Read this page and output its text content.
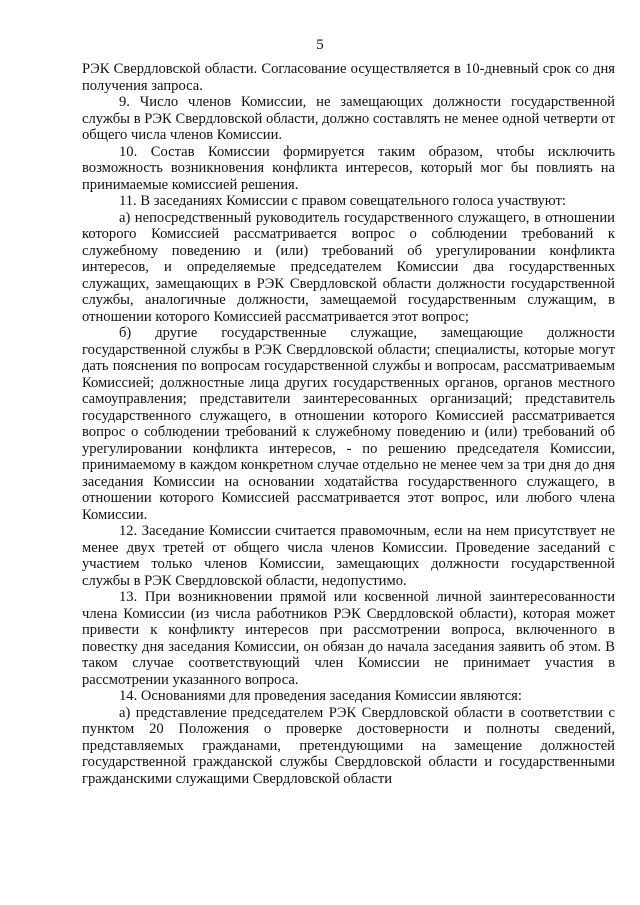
5

РЭК Свердловской области. Согласование осуществляется в 10-дневный срок со дня получения запроса.

9. Число членов Комиссии, не замещающих должности государственной службы в РЭК Свердловской области, должно составлять не менее одной четверти от общего числа членов Комиссии.

10. Состав Комиссии формируется таким образом, чтобы исключить возможность возникновения конфликта интересов, который мог бы повлиять на принимаемые комиссией решения.

11. В заседаниях Комиссии с правом совещательного голоса участвуют:

а) непосредственный руководитель государственного служащего, в отношении которого Комиссией рассматривается вопрос о соблюдении требований к служебному поведению и (или) требований об урегулировании конфликта интересов, и определяемые председателем Комиссии два государственных служащих, замещающих в РЭК Свердловской области должности государственной службы, аналогичные должности, замещаемой государственным служащим, в отношении которого Комиссией рассматривается этот вопрос;

б) другие государственные служащие, замещающие должности государственной службы в РЭК Свердловской области; специалисты, которые могут дать пояснения по вопросам государственной службы и вопросам, рассматриваемым Комиссией; должностные лица других государственных органов, органов местного самоуправления; представители заинтересованных организаций; представитель государственного служащего, в отношении которого Комиссией рассматривается вопрос о соблюдении требований к служебному поведению и (или) требований об урегулировании конфликта интересов, - по решению председателя Комиссии, принимаемому в каждом конкретном случае отдельно не менее чем за три дня до дня заседания Комиссии на основании ходатайства государственного служащего, в отношении которого Комиссией рассматривается этот вопрос, или любого члена Комиссии.

12. Заседание Комиссии считается правомочным, если на нем присутствует не менее двух третей от общего числа членов Комиссии. Проведение заседаний с участием только членов Комиссии, замещающих должности государственной службы в РЭК Свердловской области, недопустимо.

13. При возникновении прямой или косвенной личной заинтересованности члена Комиссии (из числа работников РЭК Свердловской области), которая может привести к конфликту интересов при рассмотрении вопроса, включенного в повестку дня заседания Комиссии, он обязан до начала заседания заявить об этом. В таком случае соответствующий член Комиссии не принимает участия в рассмотрении указанного вопроса.

14. Основаниями для проведения заседания Комиссии являются:

а) представление председателем РЭК Свердловской области в соответствии с пунктом 20 Положения о проверке достоверности и полноты сведений, представляемых гражданами, претендующими на замещение должностей государственной гражданской службы Свердловской области и государственными гражданскими служащими Свердловской области
